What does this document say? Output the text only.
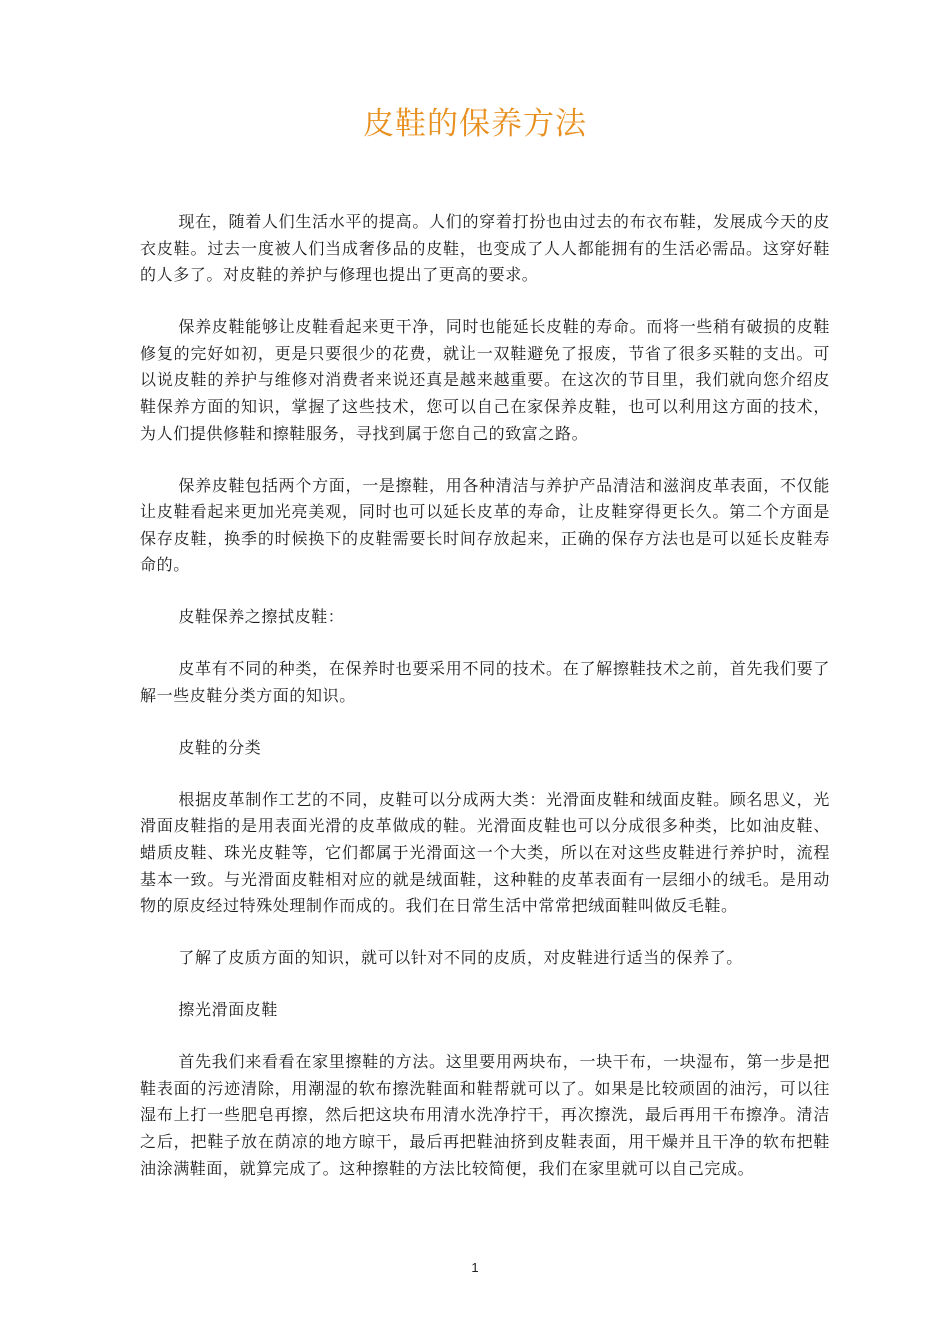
皮鞋的保养方法

现在，随着人们生活水平的提高。人们的穿着打扮也由过去的布衣布鞋，发展成今天的皮衣皮鞋。过去一度被人们当成奢侈品的皮鞋，也变成了人人都能拥有的生活必需品。这穿好鞋的人多了。对皮鞋的养护与修理也提出了更高的要求。

保养皮鞋能够让皮鞋看起来更干净，同时也能延长皮鞋的寿命。而将一些稍有破损的皮鞋修复的完好如初，更是只要很少的花费，就让一双鞋避免了报废，节省了很多买鞋的支出。可以说皮鞋的养护与维修对消费者来说还真是越来越重要。在这次的节目里，我们就向您介绍皮鞋保养方面的知识，掌握了这些技术，您可以自己在家保养皮鞋，也可以利用这方面的技术，为人们提供修鞋和擦鞋服务，寻找到属于您自己的致富之路。

保养皮鞋包括两个方面，一是擦鞋，用各种清洁与养护产品清洁和滋润皮革表面，不仅能让皮鞋看起来更加光亮美观，同时也可以延长皮革的寿命，让皮鞋穿得更长久。第二个方面是保存皮鞋，换季的时候换下的皮鞋需要长时间存放起来，正确的保存方法也是可以延长皮鞋寿命的。

皮鞋保养之擦拭皮鞋：

皮革有不同的种类，在保养时也要采用不同的技术。在了解擦鞋技术之前，首先我们要了解一些皮鞋分类方面的知识。

皮鞋的分类

根据皮革制作工艺的不同，皮鞋可以分成两大类：光滑面皮鞋和绒面皮鞋。顾名思义，光滑面皮鞋指的是用表面光滑的皮革做成的鞋。光滑面皮鞋也可以分成很多种类，比如油皮鞋、蜡质皮鞋、珠光皮鞋等，它们都属于光滑面这一个大类，所以在对这些皮鞋进行养护时，流程基本一致。与光滑面皮鞋相对应的就是绒面鞋，这种鞋的皮革表面有一层细小的绒毛。是用动物的原皮经过特殊处理制作而成的。我们在日常生活中常常把绒面鞋叫做反毛鞋。

了解了皮质方面的知识，就可以针对不同的皮质，对皮鞋进行适当的保养了。

擦光滑面皮鞋

首先我们来看看在家里擦鞋的方法。这里要用两块布，一块干布，一块湿布，第一步是把鞋表面的污迹清除，用潮湿的软布擦洗鞋面和鞋帮就可以了。如果是比较顽固的油污，可以往湿布上打一些肥皂再擦，然后把这块布用清水洗净拧干，再次擦洗，最后再用干布擦净。清洁之后，把鞋子放在荫凉的地方晾干，最后再把鞋油挤到皮鞋表面，用干燥并且干净的软布把鞋油涂满鞋面，就算完成了。这种擦鞋的方法比较简便，我们在家里就可以自己完成。

1
